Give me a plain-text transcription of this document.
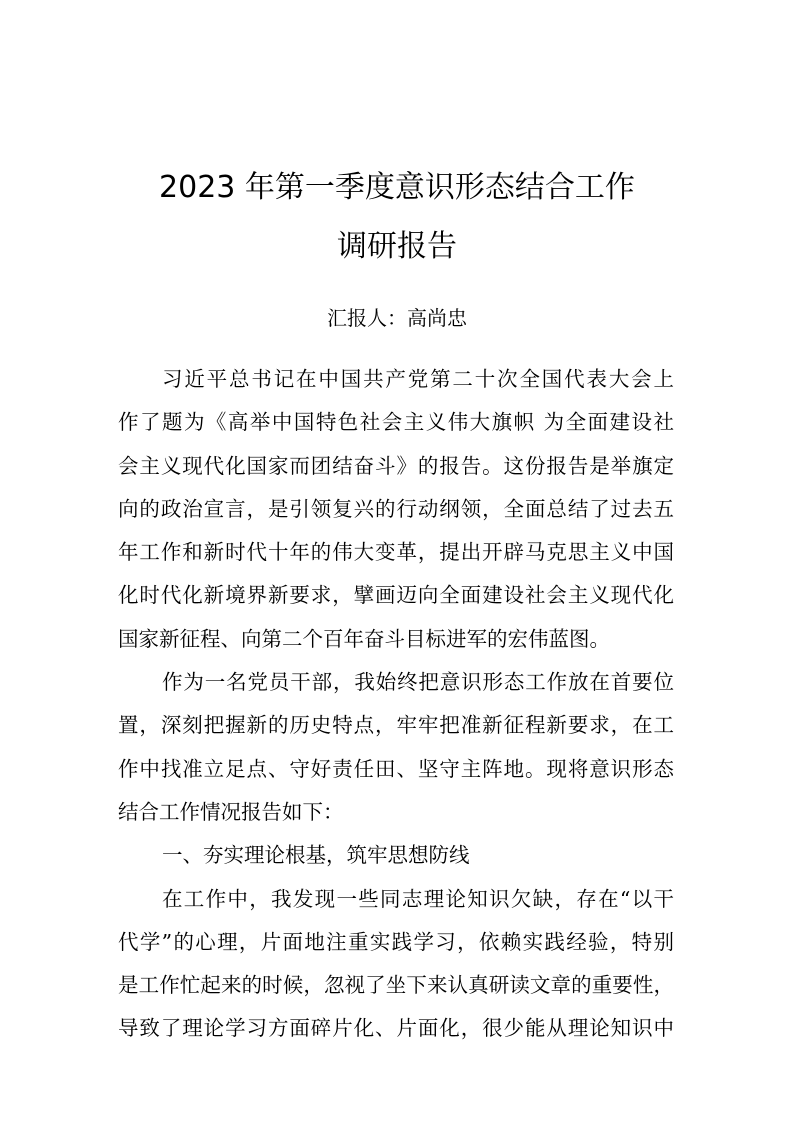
2023 年第一季度意识形态结合工作
调研报告
汇报人：高尚忠
习近平总书记在中国共产党第二十次全国代表大会上
作了题为《高举中国特色社会主义伟大旗帜 为全面建设社
会主义现代化国家而团结奋斗》的报告。这份报告是举旗定
向的政治宣言，是引领复兴的行动纲领，全面总结了过去五
年工作和新时代十年的伟大变革，提出开辟马克思主义中国
化时代化新境界新要求，擘画迈向全面建设社会主义现代化
国家新征程、向第二个百年奋斗目标进军的宏伟蓝图。
作为一名党员干部，我始终把意识形态工作放在首要位
置，深刻把握新的历史特点，牢牢把准新征程新要求，在工
作中找准立足点、守好责任田、坚守主阵地。现将意识形态
结合工作情况报告如下：
一、夯实理论根基，筑牢思想防线
在工作中，我发现一些同志理论知识欠缺，存在“以干
代学”的心理，片面地注重实践学习，依赖实践经验，特别
是工作忙起来的时候，忽视了坐下来认真研读文章的重要性，
导致了理论学习方面碎片化、片面化，很少能从理论知识中
